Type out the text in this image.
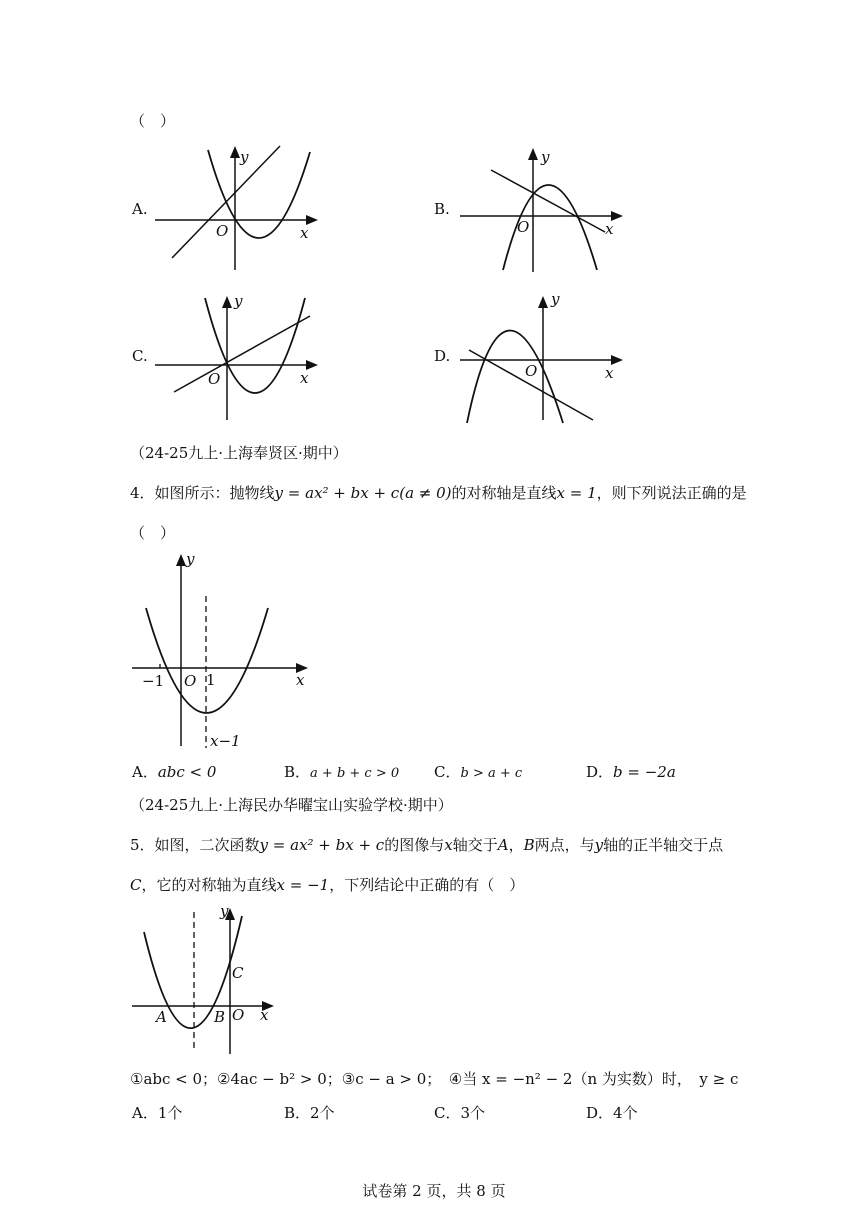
（　）
A.
y
x
O
B.
y
x
O
C.
y
x
O
D.
y
x
O
（24-25九上·上海奉贤区·期中）
4．如图所示：抛物线y = ax² + bx + c(a ≠ 0)的对称轴是直线x = 1，则下列说法正确的是
（　）
y
x
O
−1	1
x−1
A．abc < 0	B．a + b + c > 0 C．b > a + c	D．b = −2a
（24-25九上·上海民办华曜宝山实验学校·期中）
5．如图，二次函数y = ax² + bx + c的图像与x轴交于A，B两点，与y轴的正半轴交于点
C，它的对称轴为直线x = −1，下列结论中正确的有（　）
y
x
O
A	B
C
①abc < 0；②4ac − b² > 0；③c − a > 0；　④当 x = −n² − 2（n 为实数）时，　y ≥ c
A．1个	B．2个	C．3个	D．4个
试卷第 2 页，共 8 页
